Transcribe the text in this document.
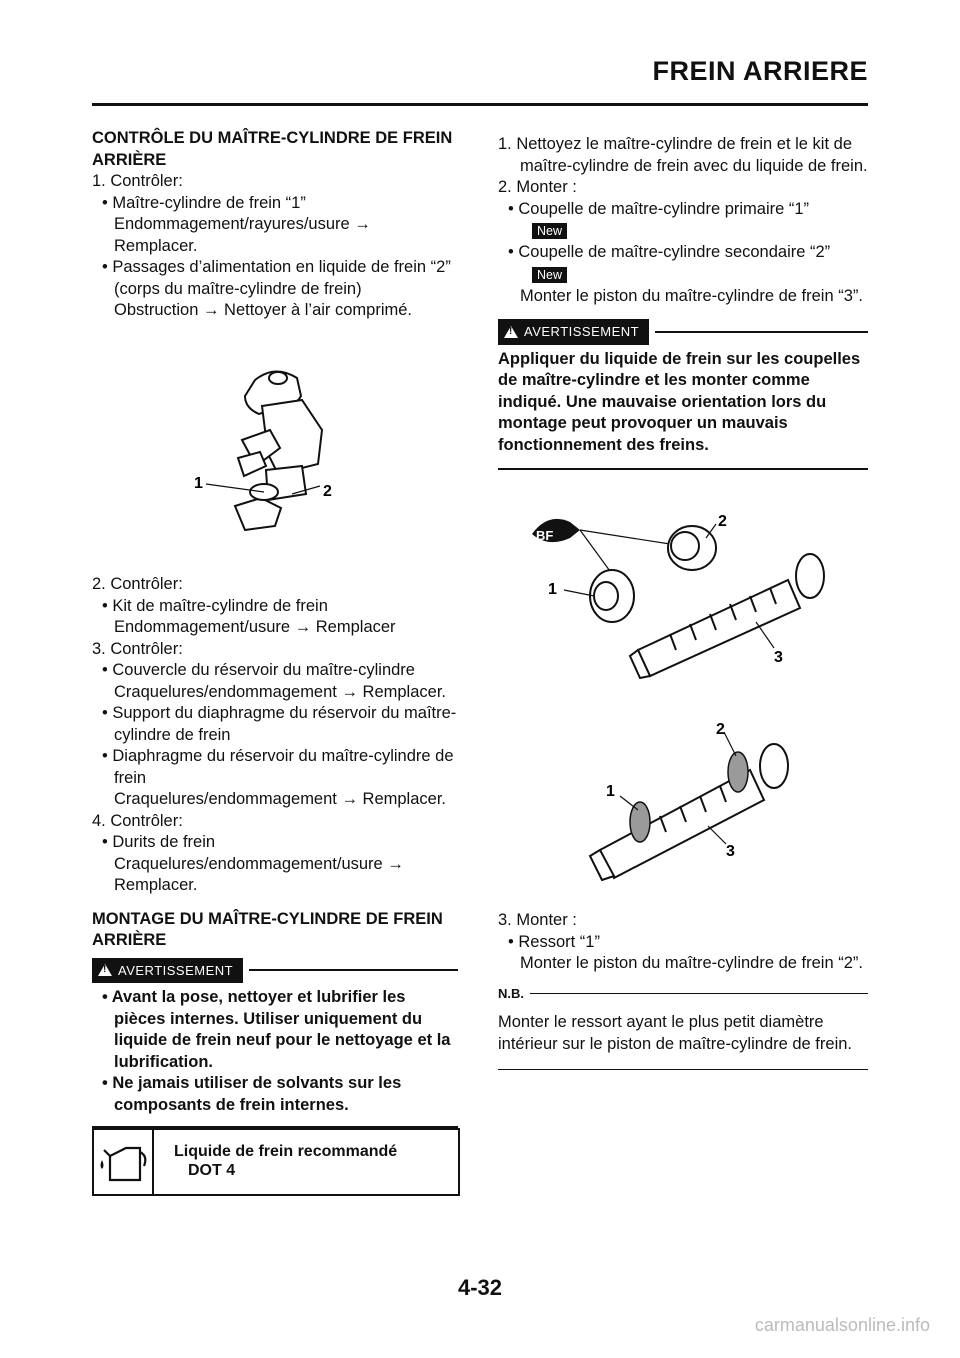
FREIN ARRIERE

CONTRÔLE DU MAÎTRE-CYLINDRE DE FREIN ARRIÈRE

1. Contrôler:

• Maître-cylindre de frein “1”

Endommagement/rayures/usure → Remplacer.

• Passages d’alimentation en liquide de frein “2”

(corps du maître-cylindre de frein)

Obstruction → Nettoyer à l’air comprimé.

1	2

2. Contrôler:

• Kit de maître-cylindre de frein

Endommagement/usure → Remplacer

3. Contrôler:

• Couvercle du réservoir du maître-cylindre

Craquelures/endommagement → Remplacer.

• Support du diaphragme du réservoir du maître-cylindre de frein

• Diaphragme du réservoir du maître-cylindre de frein

Craquelures/endommagement → Remplacer.

4. Contrôler:

• Durits de frein

Craquelures/endommagement/usure → Remplacer.

MONTAGE DU MAÎTRE-CYLINDRE DE FREIN ARRIÈRE

! AVERTISSEMENT

• Avant la pose, nettoyer et lubrifier les pièces internes. Utiliser uniquement du liquide de frein neuf pour le nettoyage et la lubrification.

• Ne jamais utiliser de solvants sur les composants de frein internes.

Liquide de frein recommandé
DOT 4

1. Nettoyez le maître-cylindre de frein et le kit de maître-cylindre de frein avec du liquide de frein.

2. Monter :

• Coupelle de maître-cylindre primaire “1”

New

• Coupelle de maître-cylindre secondaire “2”

New

Monter le piston du maître-cylindre de frein “3”.

! AVERTISSEMENT

Appliquer du liquide de frein sur les coupelles de maître-cylindre et les monter comme indiqué. Une mauvaise orientation lors du montage peut provoquer un mauvais fonctionnement des freins.

BF
2
1
3
2
1
3

3. Monter :

• Ressort “1”

Monter le piston du maître-cylindre de frein “2”.

N.B.

Monter le ressort ayant le plus petit diamètre intérieur sur le piston de maître-cylindre de frein.

4-32
carmanualsonline.info
